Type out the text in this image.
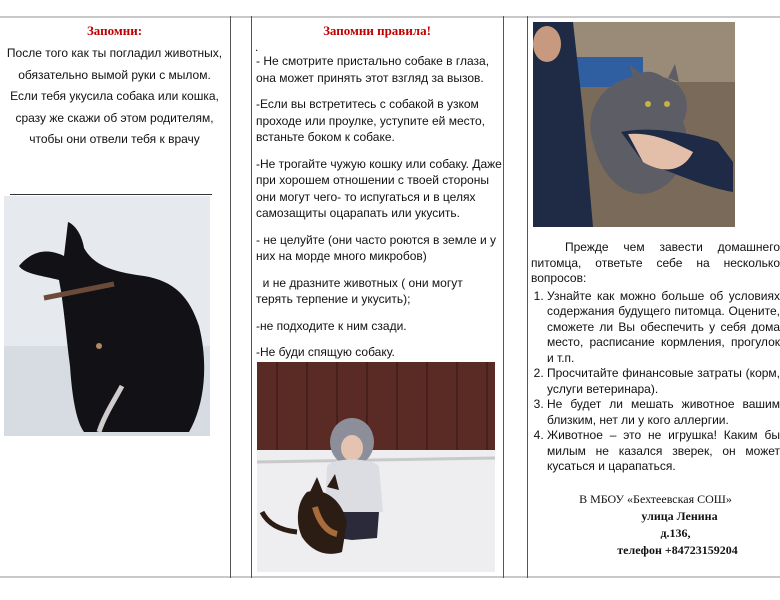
Запомни:

После того как ты погладил животных,

обязательно вымой руки с мылом.

Если тебя укусила собака или кошка,

сразу же скажи об этом родителям,

чтобы они отвели тебя к врачу

Запомни правила!

.

- Не смотрите пристально собаке в глаза, она может принять этот взгляд за вызов.

-Если вы встретитесь с собакой в узком проходе или проулке, уступите ей место, встаньте боком к собаке.

-Не трогайте чужую кошку или собаку. Даже при хорошем отношении с твоей стороны они могут чего- то испугаться и в целях самозащиты оцарапать или укусить.

- не целуйте (они часто роются в земле и у них на морде много микробов)

и не дразните животных ( они могут терять терпение и укусить);

-не подходите к ним сзади.

-Не буди спящую собаку.

Прежде чем завести домашнего питомца, ответьте себе на несколько вопросов:

1. Узнайте как можно больше об условиях содержания будущего питомца. Оцените, сможете ли Вы обеспечить у себя дома место, расписание кормления, прогулок и т.п.
2. Просчитайте финансовые затраты (корм, услуги ветеринара).
3. Не будет ли мешать животное вашим близким, нет ли у кого аллергии.
4. Животное – это не игрушка! Каким бы милым не казался зверек, он может кусаться и царапаться.
В МБОУ «Бехтеевская СОШ»
улица Ленина
д.136,
телефон +84723159204
